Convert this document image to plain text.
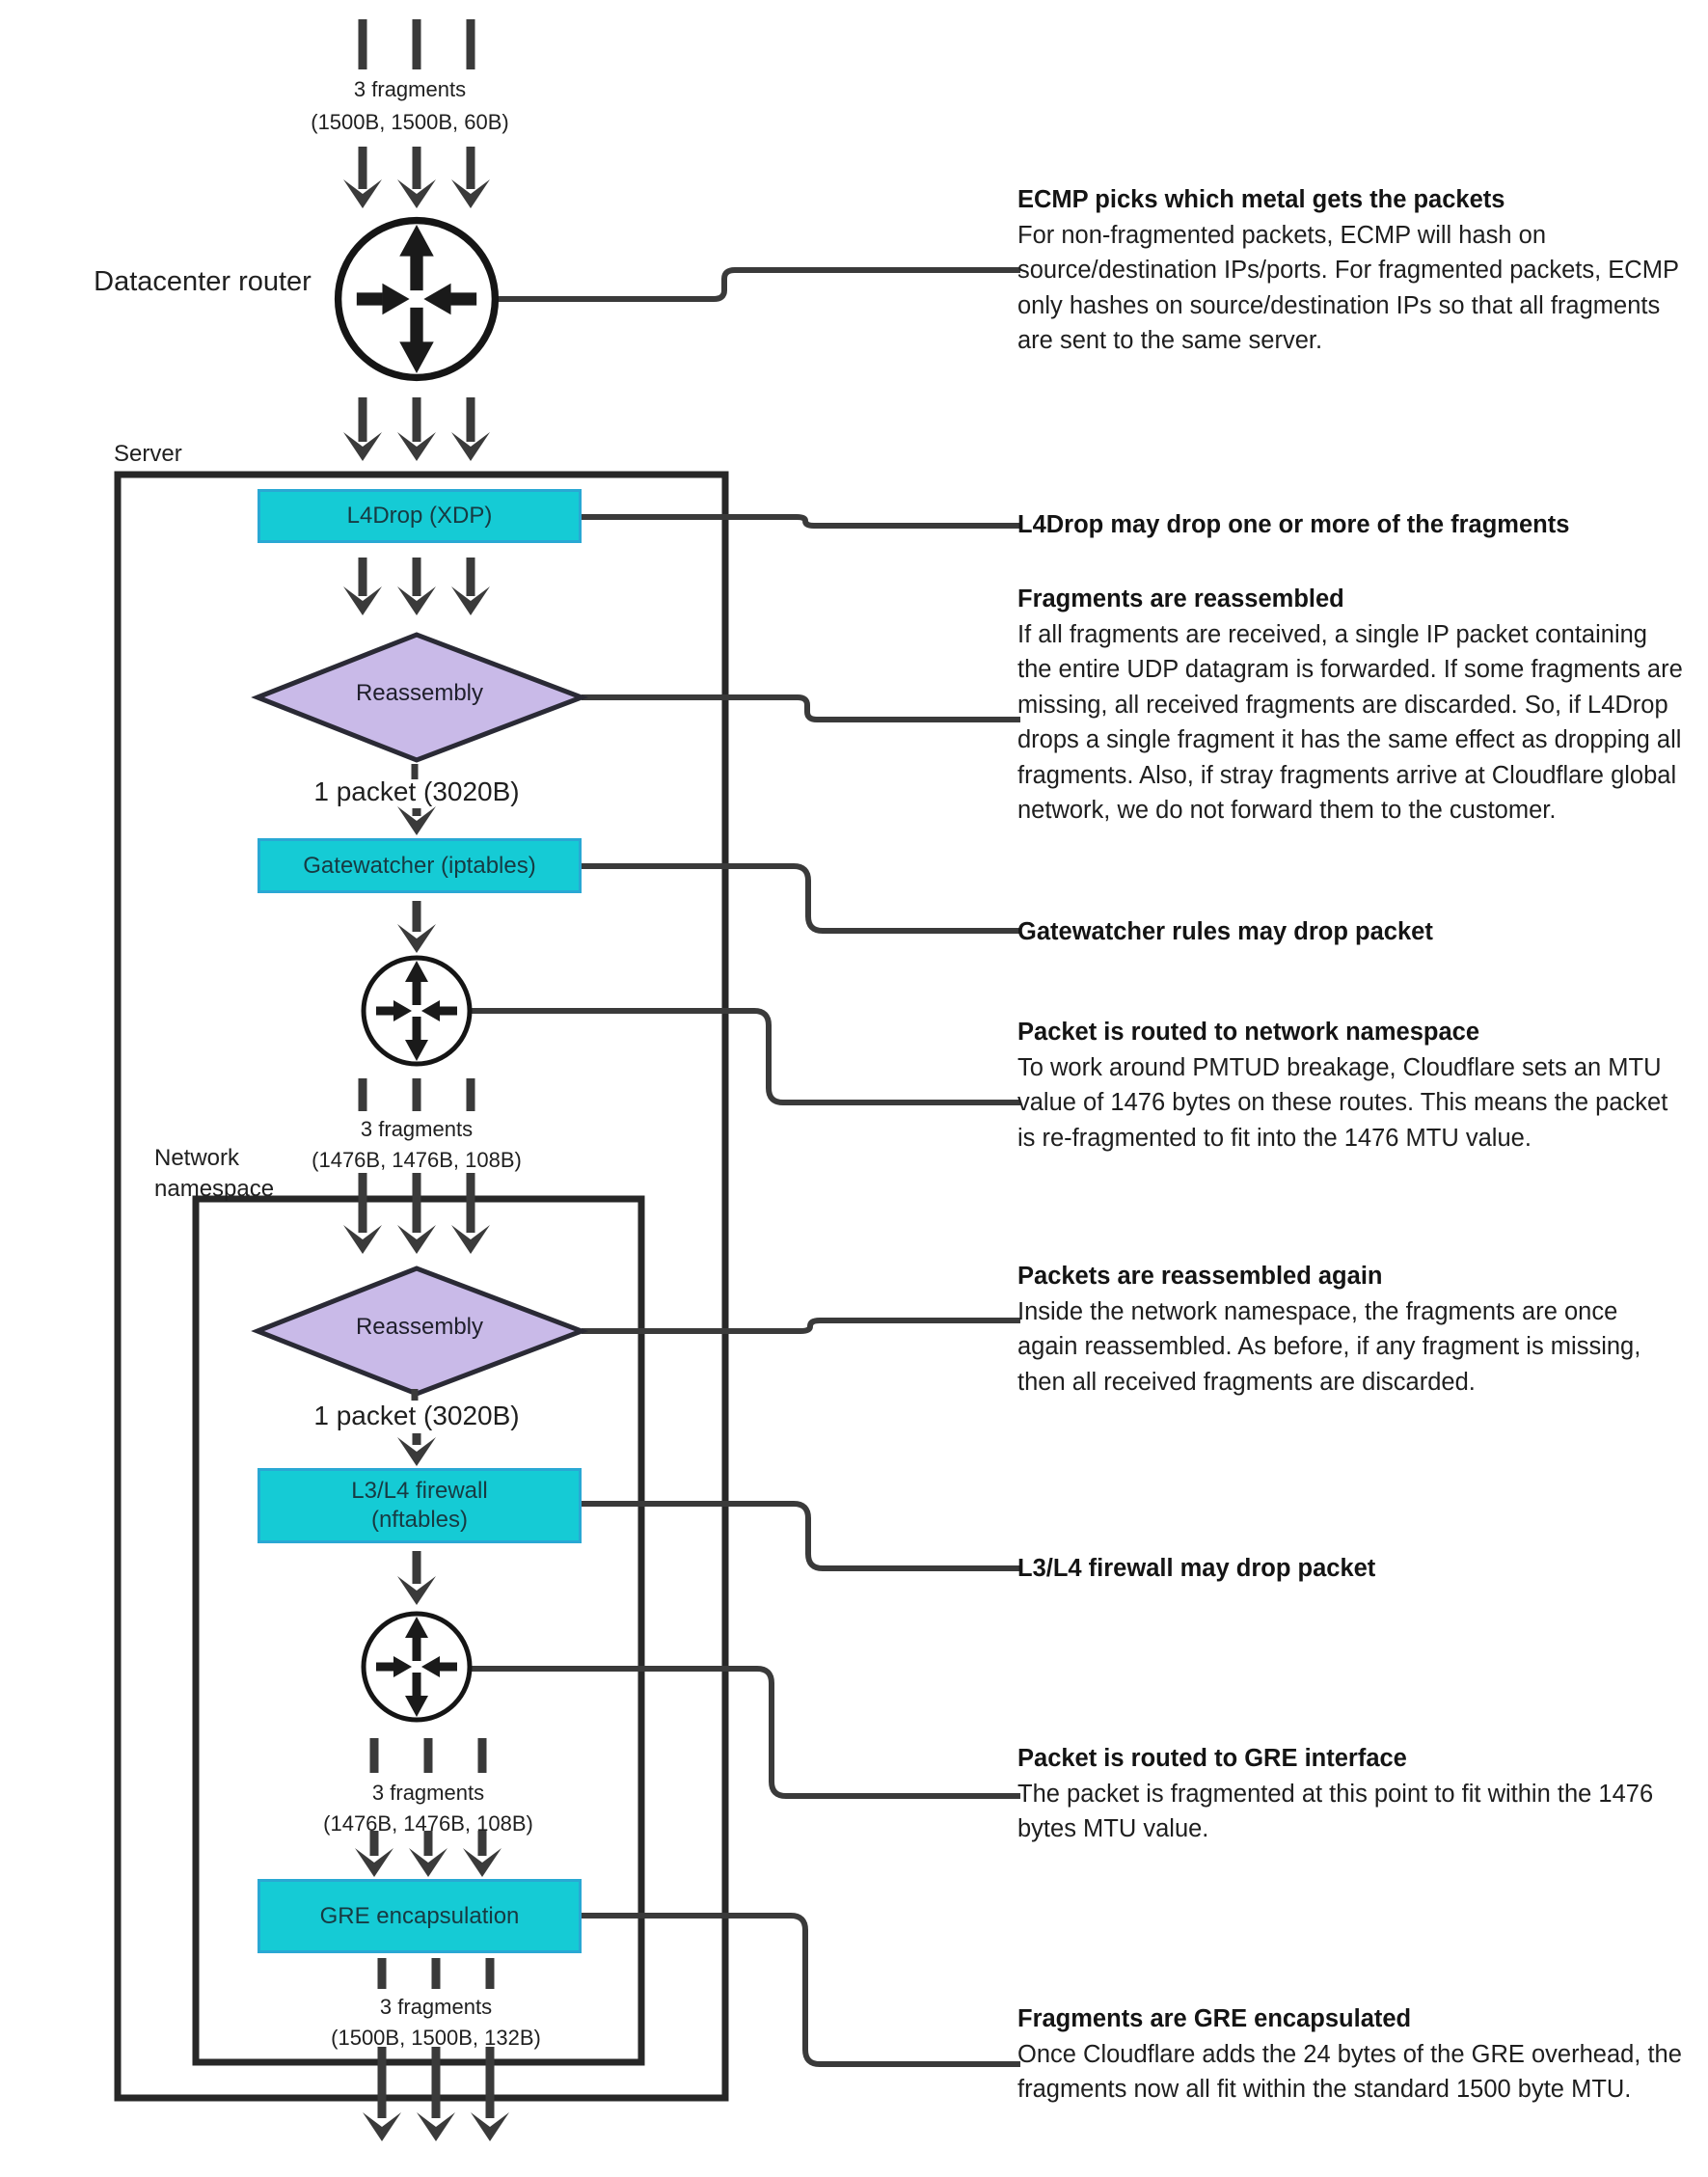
Datacenter router
Server
Network namespace
3 fragments
(1500B, 1500B, 60B)
1 packet (3020B)
3 fragments
(1476B, 1476B, 108B)
1 packet (3020B)
3 fragments
(1476B, 1476B, 108B)
3 fragments
(1500B, 1500B, 132B)
L4Drop (XDP)
Reassembly
Gatewatcher (iptables)
Reassembly
L3/L4 firewall
(nftables)
GRE encapsulation
ECMP picks which metal gets the packets
For non-fragmented packets, ECMP will hash on source/destination IPs/ports. For fragmented packets, ECMP only hashes on source/destination IPs so that all fragments are sent to the same server.
L4Drop may drop one or more of the fragments
Fragments are reassembled
If all fragments are received, a single IP packet containing the entire UDP datagram is forwarded. If some fragments are missing, all received fragments are discarded. So, if L4Drop drops a single fragment it has the same effect as dropping all fragments. Also, if stray fragments arrive at Cloudflare global network, we do not forward them to the customer.
Gatewatcher rules may drop packet
Packet is routed to network namespace
To work around PMTUD breakage, Cloudflare sets an MTU value of 1476 bytes on these routes. This means the packet is re-fragmented to fit into the 1476 MTU value.
Packets are reassembled again
Inside the network namespace, the fragments are once again reassembled. As before, if any fragment is missing, then all received fragments are discarded.
L3/L4 firewall may drop packet
Packet is routed to GRE interface
The packet is fragmented at this point to fit within the 1476 bytes MTU value.
Fragments are GRE encapsulated
Once Cloudflare adds the 24 bytes of the GRE overhead, the fragments now all fit within the standard 1500 byte MTU.
